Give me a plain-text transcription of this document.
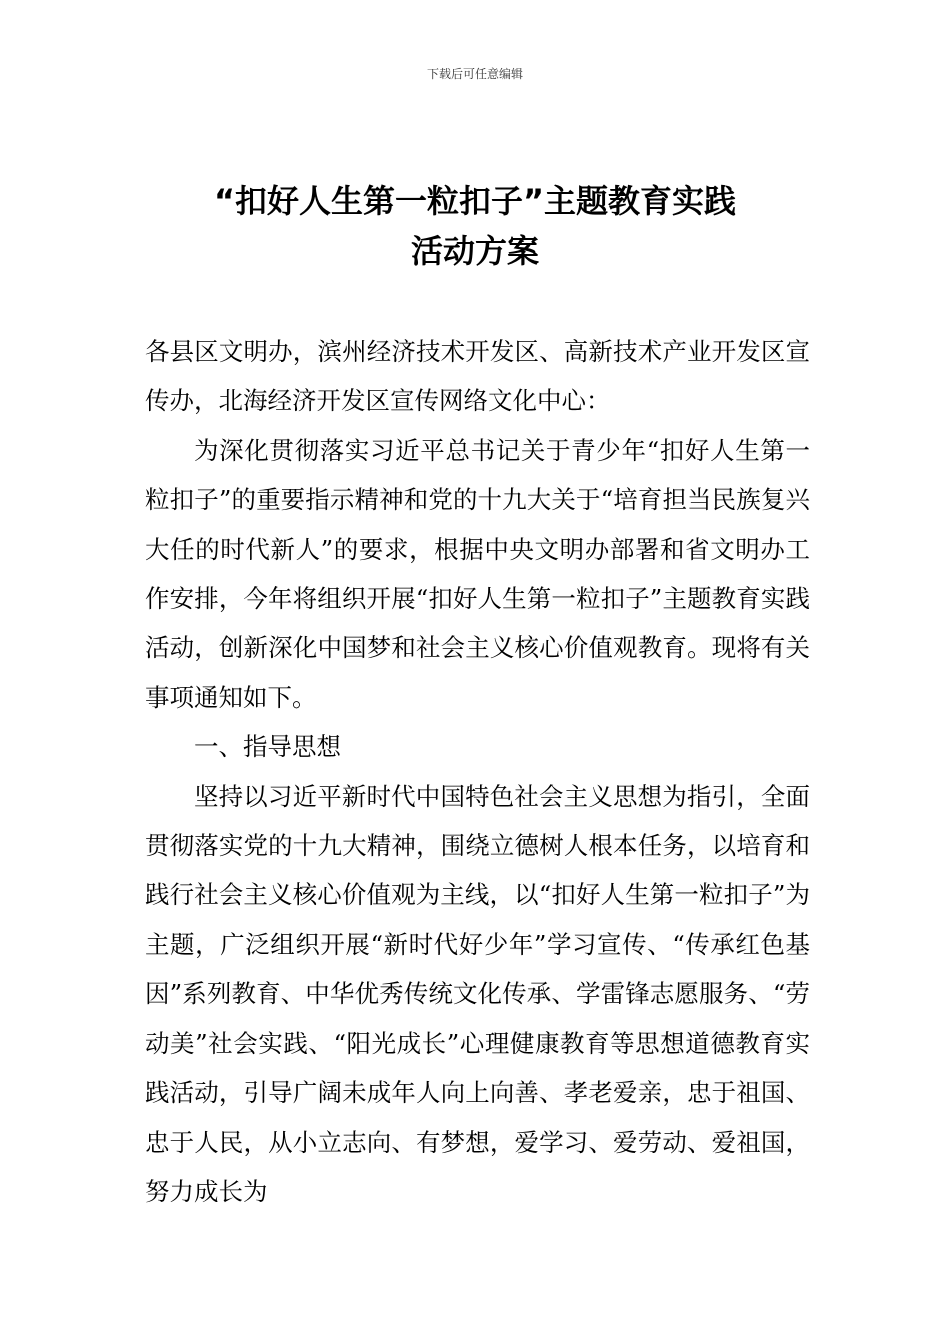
下载后可任意编辑
“扣好人生第一粒扣子”主题教育实践
活动方案

各县区文明办，滨州经济技术开发区、高新技术产业开发区宣传办，北海经济开发区宣传网络文化中心：

为深化贯彻落实习近平总书记关于青少年“扣好人生第一粒扣子”的重要指示精神和党的十九大关于“培育担当民族复兴大任的时代新人”的要求，根据中央文明办部署和省文明办工作安排，今年将组织开展“扣好人生第一粒扣子”主题教育实践活动，创新深化中国梦和社会主义核心价值观教育。现将有关事项通知如下。

一、指导思想

坚持以习近平新时代中国特色社会主义思想为指引，全面贯彻落实党的十九大精神，围绕立德树人根本任务，以培育和践行社会主义核心价值观为主线，以“扣好人生第一粒扣子”为主题，广泛组织开展“新时代好少年”学习宣传、“传承红色基因”系列教育、中华优秀传统文化传承、学雷锋志愿服务、“劳动美”社会实践、“阳光成长”心理健康教育等思想道德教育实践活动，引导广阔未成年人向上向善、孝老爱亲，忠于祖国、忠于人民，从小立志向、有梦想，爱学习、爱劳动、爱祖国，努力成长为
